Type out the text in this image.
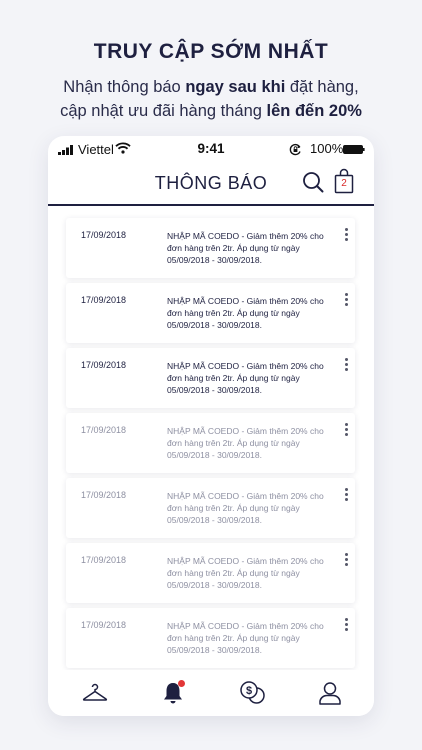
TRUY CẬP SỚM NHẤT
Nhận thông báo ngay sau khi đặt hàng,
cập nhật ưu đãi hàng tháng lên đến 20%
Viettel	9:41	100%
THÔNG BÁO	2
17/09/2018	NHẬP MÃ COEDO - Giảm thêm 20% cho đơn hàng trên 2tr. Áp dụng từ ngày 05/09/2018 - 30/09/2018.
17/09/2018	NHẬP MÃ COEDO - Giảm thêm 20% cho đơn hàng trên 2tr. Áp dụng từ ngày 05/09/2018 - 30/09/2018.
17/09/2018	NHẬP MÃ COEDO - Giảm thêm 20% cho đơn hàng trên 2tr. Áp dụng từ ngày 05/09/2018 - 30/09/2018.
17/09/2018	NHẬP MÃ COEDO - Giảm thêm 20% cho đơn hàng trên 2tr. Áp dụng từ ngày 05/09/2018 - 30/09/2018.
17/09/2018	NHẬP MÃ COEDO - Giảm thêm 20% cho đơn hàng trên 2tr. Áp dụng từ ngày 05/09/2018 - 30/09/2018.
17/09/2018	NHẬP MÃ COEDO - Giảm thêm 20% cho đơn hàng trên 2tr. Áp dụng từ ngày 05/09/2018 - 30/09/2018.
17/09/2018	NHẬP MÃ COEDO - Giảm thêm 20% cho đơn hàng trên 2tr. Áp dụng từ ngày 05/09/2018 - 30/09/2018.
$
